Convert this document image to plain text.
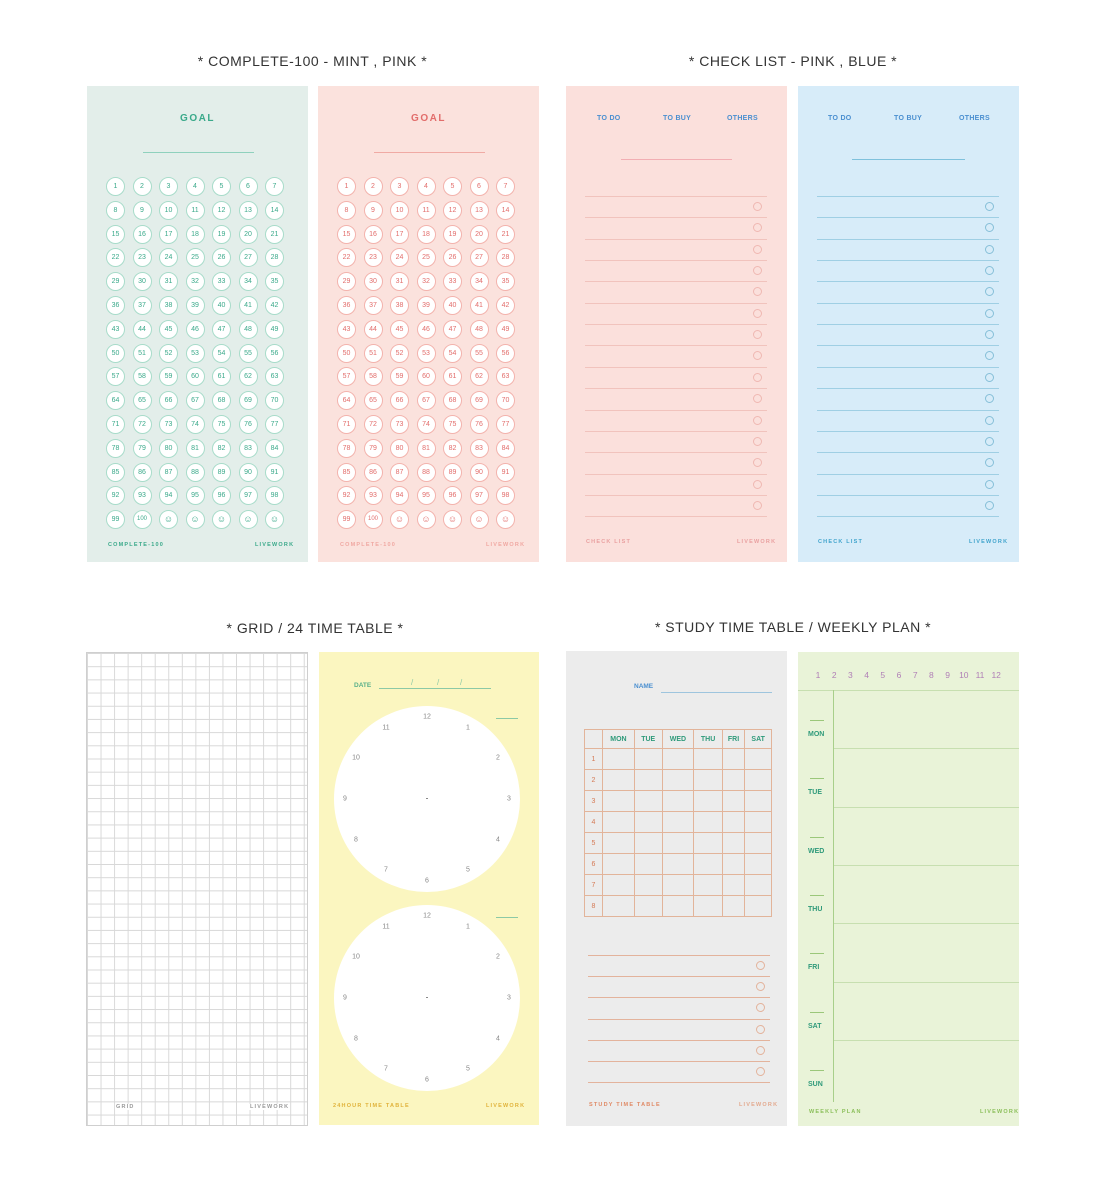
* COMPLETE-100 - MINT , PINK *	* CHECK LIST - PINK , BLUE *
* GRID / 24 TIME TABLE *	* STUDY TIME TABLE / WEEKLY PLAN *
GOAL
1	2	3	4	5	6	7
8	9	10	11	12	13	14
15	16	17	18	19	20	21
22	23	24	25	26	27	28
29	30	31	32	33	34	35
36	37	38	39	40	41	42
43	44	45	46	47	48	49
50	51	52	53	54	55	56
57	58	59	60	61	62	63
64	65	66	67	68	69	70
71	72	73	74	75	76	77
78	79	80	81	82	83	84
85	86	87	88	89	90	91
92	93	94	95	96	97	98
99	100	☺	☺	☺	☺	☺
COMPLETE-100	LIVEWORK
GOAL
1	2	3	4	5	6	7
8	9	10	11	12	13	14
15	16	17	18	19	20	21
22	23	24	25	26	27	28
29	30	31	32	33	34	35
36	37	38	39	40	41	42
43	44	45	46	47	48	49
50	51	52	53	54	55	56
57	58	59	60	61	62	63
64	65	66	67	68	69	70
71	72	73	74	75	76	77
78	79	80	81	82	83	84
85	86	87	88	89	90	91
92	93	94	95	96	97	98
99	100	☺	☺	☺	☺	☺
COMPLETE-100	LIVEWORK
TO DO	TO BUY	OTHERS
CHECK LIST	LIVEWORK
TO DO	TO BUY	OTHERS
CHECK LIST	LIVEWORK
GRID	LIVEWORK
DATE	/	/	/
12
1
2
3
4
5
6
7
8
9
10
11
12
1
2
3
4
5
6
7
8
9
10
11
24HOUR TIME TABLE	LIVEWORK
NAME
	MON	TUE	WED	THU	FRI	SAT
1						
2						
3						
4						
5						
6						
7						
8						
STUDY TIME TABLE	LIVEWORK
1 2 3 4 5 6 7 8 9 10 11 12
MON
TUE
WED
THU
FRI
SAT
SUN
WEEKLY PLAN	LIVEWORK
